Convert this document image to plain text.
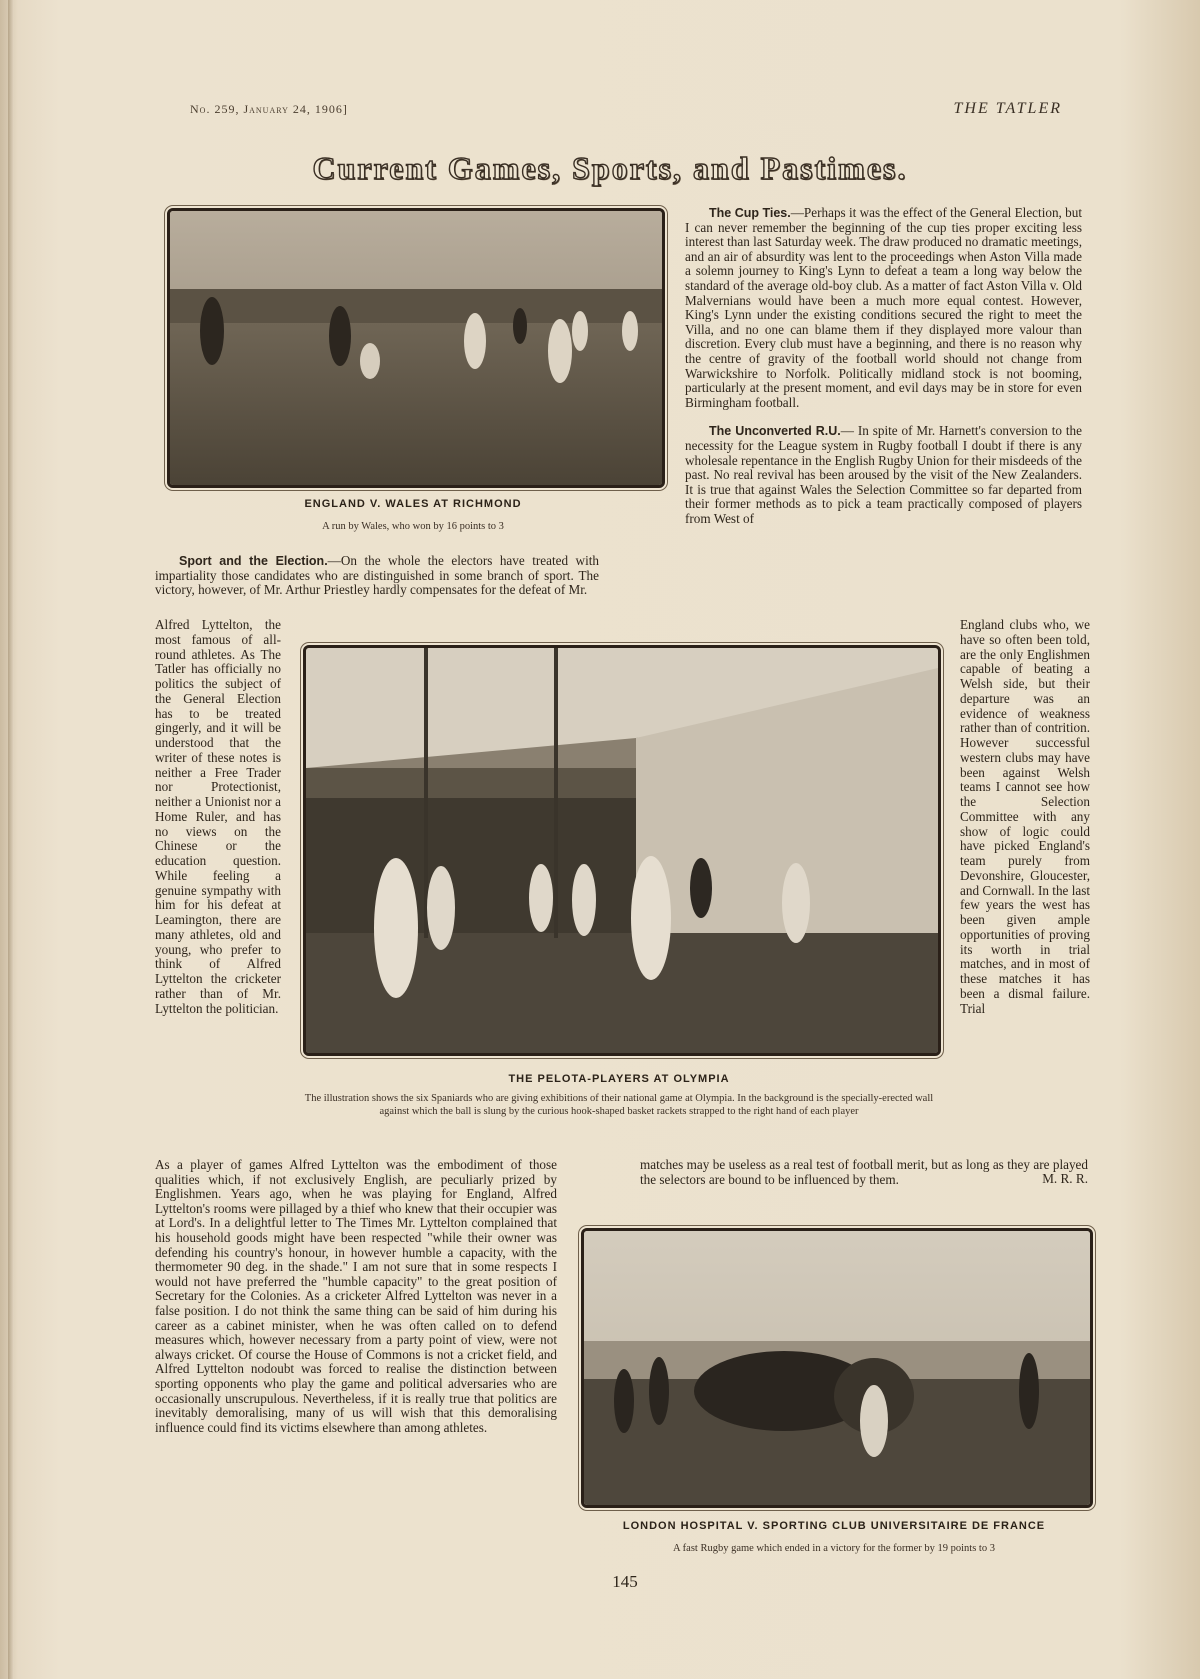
No. 259, January 24, 1906]	THE TATLER
Current Games, Sports, and Pastimes.
ENGLAND V. WALES AT RICHMOND
A run by Wales, who won by 16 points to 3

The Cup Ties.—Perhaps it was the effect of the General Election, but I can never remember the beginning of the cup ties proper exciting less interest than last Saturday week. The draw produced no dramatic meetings, and an air of absurdity was lent to the proceedings when Aston Villa made a solemn journey to King's Lynn to defeat a team a long way below the standard of the average old-boy club. As a matter of fact Aston Villa v. Old Malvernians would have been a much more equal contest. However, King's Lynn under the existing conditions secured the right to meet the Villa, and no one can blame them if they displayed more valour than discretion. Every club must have a beginning, and there is no reason why the centre of gravity of the football world should not change from Warwickshire to Norfolk. Politically midland stock is not booming, particularly at the present moment, and evil days may be in store for even Birmingham football.

The Unconverted R.U.— In spite of Mr. Harnett's conversion to the necessity for the League system in Rugby football I doubt if there is any wholesale repentance in the English Rugby Union for their misdeeds of the past. No real revival has been aroused by the visit of the New Zealanders. It is true that against Wales the Selection Committee so far departed from their former methods as to pick a team practically composed of players from West of

Sport and the Election.—On the whole the electors have treated with impartiality those candidates who are distinguished in some branch of sport. The victory, however, of Mr. Arthur Priestley hardly compensates for the defeat of Mr.

Alfred Lyttelton, the most famous of all-round athletes. As The Tatler has officially no politics the subject of the General Election has to be treated gingerly, and it will be understood that the writer of these notes is neither a Free Trader nor Protectionist, neither a Unionist nor a Home Ruler, and has no views on the Chinese or the education question. While feeling a genuine sympathy with him for his defeat at Leamington, there are many athletes, old and young, who prefer to think of Alfred Lyttelton the cricketer rather than of Mr. Lyttelton the politician.

England clubs who, we have so often been told, are the only Englishmen capable of beating a Welsh side, but their departure was an evidence of weakness rather than of contrition. However successful western clubs may have been against Welsh teams I cannot see how the Selection Committee with any show of logic could have picked England's team purely from Devonshire, Gloucester, and Cornwall. In the last few years the west has been given ample opportunities of proving its worth in trial matches, and in most of these matches it has been a dismal failure. Trial

THE PELOTA-PLAYERS AT OLYMPIA
The illustration shows the six Spaniards who are giving exhibitions of their national game at Olympia. In the background is the specially-erected wall against which the ball is slung by the curious hook-shaped basket rackets strapped to the right hand of each player

As a player of games Alfred Lyttelton was the embodiment of those qualities which, if not exclusively English, are peculiarly prized by Englishmen. Years ago, when he was playing for England, Alfred Lyttelton's rooms were pillaged by a thief who knew that their occupier was at Lord's. In a delightful letter to The Times Mr. Lyttelton complained that his household goods might have been respected "while their owner was defending his country's honour, in however humble a capacity, with the thermometer 90 deg. in the shade." I am not sure that in some respects I would not have preferred the "humble capacity" to the great position of Secretary for the Colonies. As a cricketer Alfred Lyttelton was never in a false position. I do not think the same thing can be said of him during his career as a cabinet minister, when he was often called on to defend measures which, however necessary from a party point of view, were not always cricket. Of course the House of Commons is not a cricket field, and Alfred Lyttelton nodoubt was forced to realise the distinction between sporting opponents who play the game and political adversaries who are occasionally unscrupulous. Nevertheless, if it is really true that politics are inevitably demoralising, many of us will wish that this demoralising influence could find its victims elsewhere than among athletes.

matches may be useless as a real test of football merit, but as long as they are played the selectors are bound to be influenced by them.	M. R. R.

LONDON HOSPITAL V. SPORTING CLUB UNIVERSITAIRE DE FRANCE
A fast Rugby game which ended in a victory for the former by 19 points to 3
145
